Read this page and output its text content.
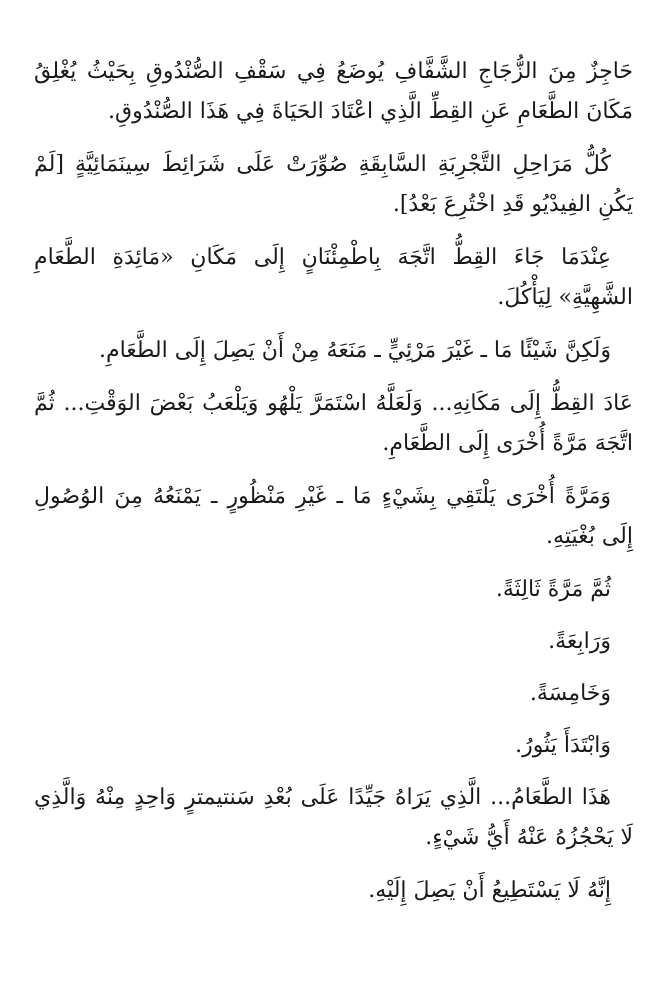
حَاجِزٌ مِنَ الزُّجَاجِ الشَّفَّافِ يُوضَعُ فِي سَقْفِ الصُّنْدُوقِ بِحَيْثُ يُغْلِقُ مَكَانَ الطَّعَامِ عَنِ القِطِّ الَّذِي اعْتَادَ الحَيَاةَ فِي هَذَا الصُّنْدُوقِ.

كُلُّ مَرَاحِلِ التَّجْرِبَةِ السَّابِقَةِ صُوِّرَتْ عَلَى شَرَائِطَ سِينَمَائِيَّةٍ [لَمْ يَكُنِ الفِيدْيُو قَدِ اخْتُرِعَ بَعْدُ].

عِنْدَمَا جَاءَ القِطُّ اتَّجَهَ بِاطْمِئْنَانٍ إِلَى مَكَانِ «مَائِدَةِ الطَّعَامِ الشَّهِيَّةِ» لِيَأْكُلَ.

وَلَكِنَّ شَيْئًا مَا ـ غَيْرَ مَرْئِيٍّ ـ مَنَعَهُ مِنْ أَنْ يَصِلَ إِلَى الطَّعَامِ.

عَادَ القِطُّ إِلَى مَكَانِهِ... وَلَعَلَّهُ اسْتَمَرَّ يَلْهُو وَيَلْعَبُ بَعْضَ الوَقْتِ... ثُمَّ اتَّجَهَ مَرَّةً أُخْرَى إِلَى الطَّعَامِ.

وَمَرَّةً أُخْرَى يَلْتَقِي بِشَيْءٍ مَا ـ غَيْرِ مَنْظُورٍ ـ يَمْنَعُهُ مِنَ الوُصُولِ إِلَى بُغْيَتِهِ.

ثُمَّ مَرَّةً ثَالِثَةً.

وَرَابِعَةً.

وَخَامِسَةً.

وَابْتَدَأَ يَثُورُ.

هَذَا الطَّعَامُ... الَّذِي يَرَاهُ جَيِّدًا عَلَى بُعْدِ سَنتيمترٍ وَاحِدٍ مِنْهُ وَالَّذِي لَا يَحْجُزُهُ عَنْهُ أَيُّ شَيْءٍ.

إِنَّهُ لَا يَسْتَطِيعُ أَنْ يَصِلَ إِلَيْهِ.
